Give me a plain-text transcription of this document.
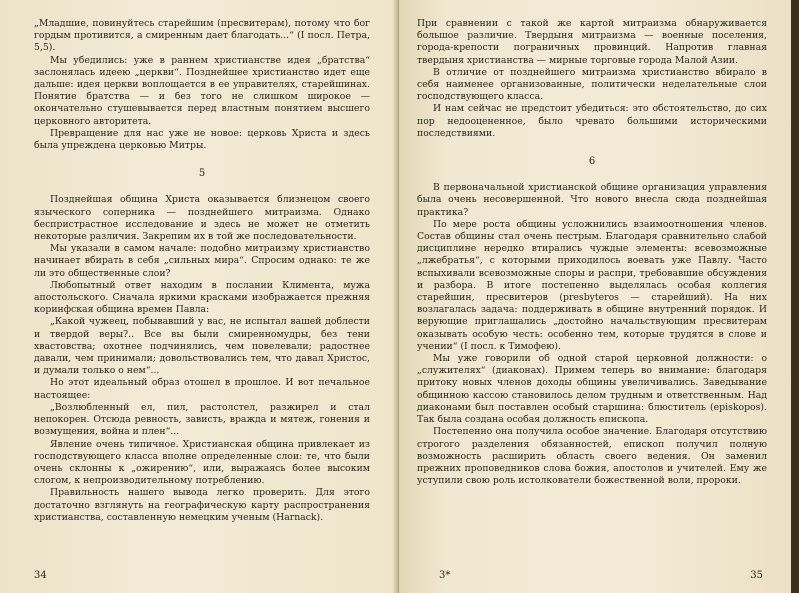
„Младшие, повинуйтесь старейшим (пресвитерам), потому что бог гордым противится, а смиренным дает благодать...“ (I посл. Петра, 5,5).

Мы убедились: уже в раннем христианстве идея „братства“ заслонялась идеею „церкви“. Позднейшее христианство идет еще дальше: идея церкви воплощается в ее управителях, старейшинах. Понятие братства — и без того не слишком широкое — окончательно стушевывается перед властным понятием высшего церковного авторитета.

Превращение для нас уже не новое: церковь Христа и здесь была упреждена церковью Митры.

5

Позднейшая община Христа оказывается близнецом своего языческого соперника — позднейшего митраизма. Однако беспристрастное исследование и здесь не может не отметить некоторые различия. Закрепим их в той же последовательности.

Мы указали в самом начале: подобно митраизму христианство начинает вбирать в себя „сильных мира“. Спросим однако: те же ли это общественные слои?

Любопытный ответ находим в послании Климента, мужа апостольского. Сначала яркими красками изображается прежняя коринфская община времен Павла:

„Какой чужеец, побывавший у вас, не испытал вашей доблести и твердой веры?.. Все вы были смиренномудры, без тени хвастовства; охотнее подчинялись, чем повелевали; радостнее давали, чем принимали; довольствовались тем, что давал Христос, и думали только о нем“...

Но этот идеальный образ отошел в прошлое. И вот печальное настоящее:

„Возлюбленный ел, пил, растолстел, разжирел и стал непокорен. Отсюда ревность, зависть, вражда и мятеж, гонения и возмущения, война и плен“...

Явление очень типичное. Христианская община привлекает из господствующего класса вполне определенные слои: те, что были очень склонны к „ожирению“, или, выражаясь более высоким слогом, к непроизводительному потреблению.

Правильность нашего вывода легко проверить. Для этого достаточно взглянуть на географическую карту распространения христианства, составленную немецким ученым (Harnack).

34

При сравнении с такой же картой митраизма обнаруживается большое различие. Твердыня митраизма — военные поселения, города-крепости пограничных провинций. Напротив главная твердыня христианства — мирные торговые города Малой Азии.

В отличие от позднейшего митраизма христианство вбирало в себя наименее организованные, политически неделательные слои господствующего класса.

И нам сейчас не предстоит убедиться: это обстоятельство, до сих пор недооцененное, было чревато большими историческими последствиями.

6

В первоначальной христианской общине организация управления была очень несовершенной. Что нового внесла сюда позднейшая практика?

По мере роста общины усложнились взаимоотношения членов. Состав общины стал очень пестрым. Благодаря сравнительно слабой дисциплине нередко втирались чуждые элементы: всевозможные „лжебратья“, с которыми приходилось воевать уже Павлу. Часто вспыхивали всевозможные споры и распри, требовавшие обсуждения и разбора. В итоге постепенно выделялась особая коллегия старейшин, пресвитеров (presbyteros — старейший). На них возлагалась задача: поддерживать в общине внутренний порядок. И верующие приглашались „достойно начальствующим пресвитерам оказывать особую честь: особенно тем, которые трудятся в слове и учении“ (I посл. к Тимофею).

Мы уже говорили об одной старой церковной должности: о „служителях“ (диаконах). Примем теперь во внимание: благодаря притоку новых членов доходы общины увеличивались. Заведывание общинною кассою становилось делом трудным и ответственным. Над диаконами был поставлен особый старшина: блюститель (episkopos). Так была создана особая должность епископа.

Постепенно она получила особое значение. Благодаря отсутствию строгого разделения обязанностей, епископ получил полную возможность расширить область своего ведения. Он заменил прежних проповедников слова божия, апостолов и учителей. Ему же уступили свою роль истолкователи божественной воли, пророки.

3*	35
